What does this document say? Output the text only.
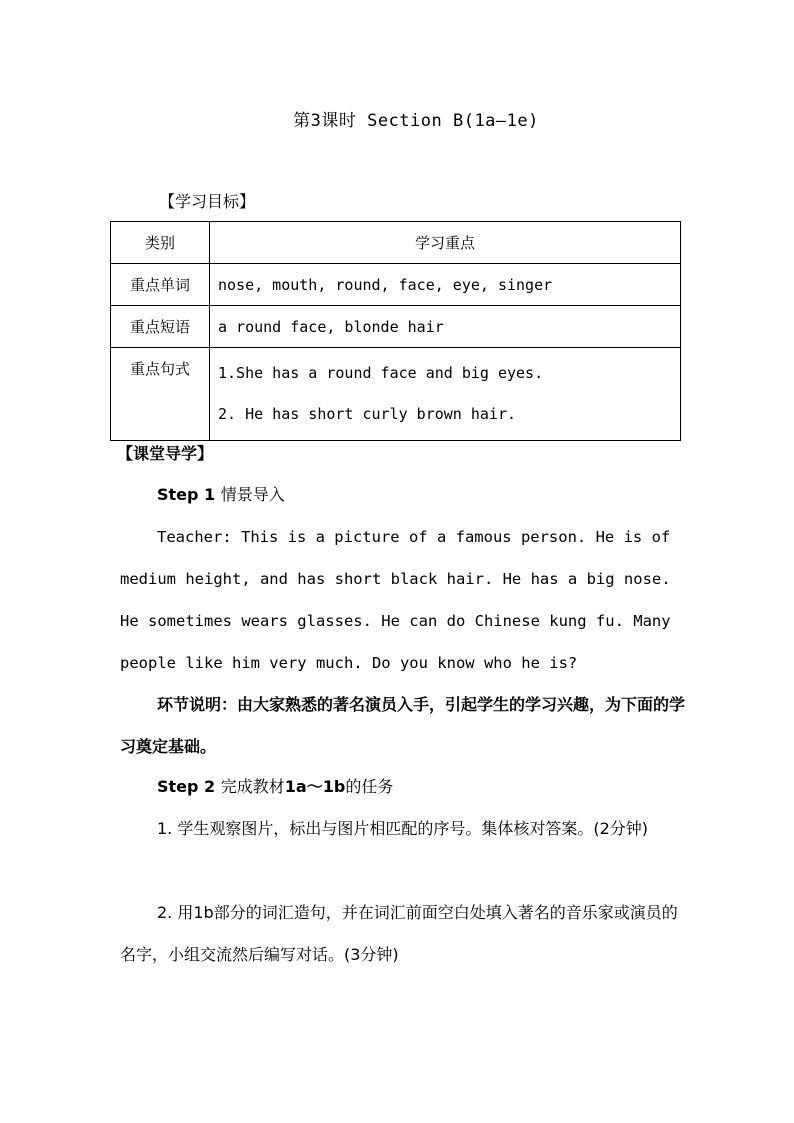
第3课时 Section B(1a—1e)
【学习目标】
类别	学习重点
重点单词	nose, mouth, round, face, eye, singer
重点短语	a round face, blonde hair
重点句式	1.She has a round face and big eyes.
2. He has short curly brown hair.
【课堂导学】
Step 1 情景导入
Teacher: This is a picture of a famous person. He is of medium height, and has short black hair. He has a big nose. He sometimes wears glasses. He can do Chinese kung fu. Many people like him very much. Do you know who he is?
环节说明：由大家熟悉的著名演员入手，引起学生的学习兴趣，为下面的学习奠定基础。
Step 2 完成教材1a～1b的任务
1. 学生观察图片，标出与图片相匹配的序号。集体核对答案。(2分钟)
2. 用1b部分的词汇造句，并在词汇前面空白处填入著名的音乐家或演员的名字，小组交流然后编写对话。(3分钟)
